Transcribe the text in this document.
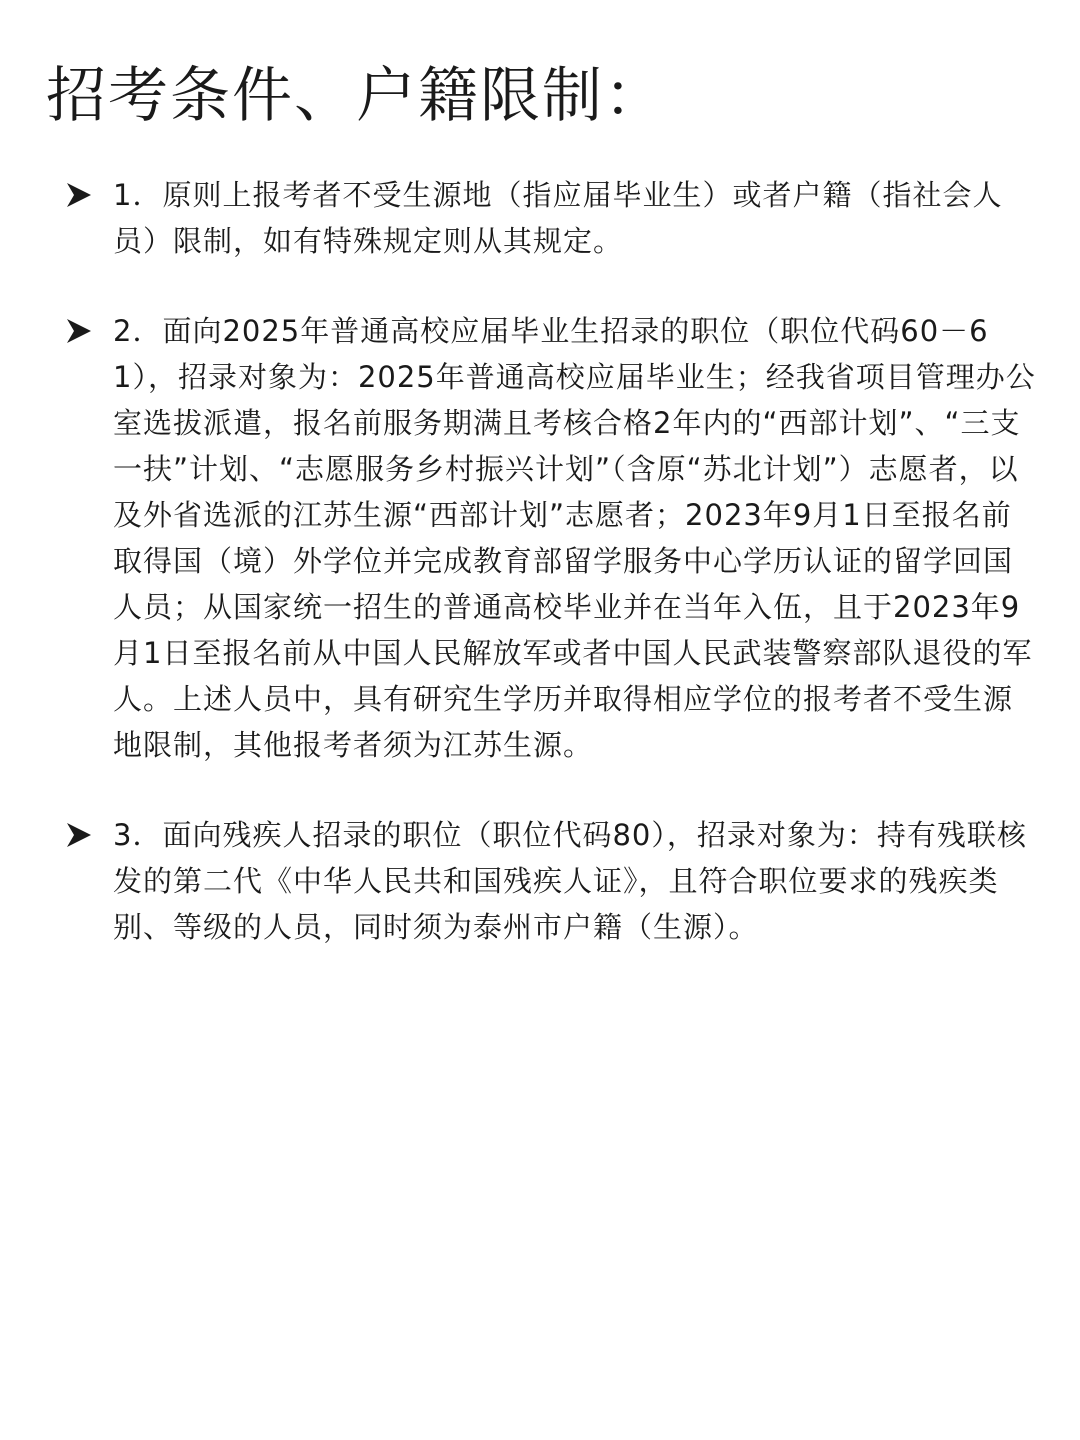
招考条件、户籍限制：

1．原则上报考者不受生源地（指应届毕业生）或者户籍（指社会人员）限制，如有特殊规定则从其规定。

2．面向2025年普通高校应届毕业生招录的职位（职位代码60－61），招录对象为：2025年普通高校应届毕业生；经我省项目管理办公室选拔派遣，报名前服务期满且考核合格2年内的“西部计划”、“三支一扶”计划、“志愿服务乡村振兴计划”（含原“苏北计划”）志愿者，以及外省选派的江苏生源“西部计划”志愿者；2023年9月1日至报名前取得国（境）外学位并完成教育部留学服务中心学历认证的留学回国人员；从国家统一招生的普通高校毕业并在当年入伍，且于2023年9月1日至报名前从中国人民解放军或者中国人民武装警察部队退役的军人。上述人员中，具有研究生学历并取得相应学位的报考者不受生源地限制，其他报考者须为江苏生源。

3．面向残疾人招录的职位（职位代码80），招录对象为：持有残联核发的第二代《中华人民共和国残疾人证》，且符合职位要求的残疾类别、等级的人员，同时须为泰州市户籍（生源）。
